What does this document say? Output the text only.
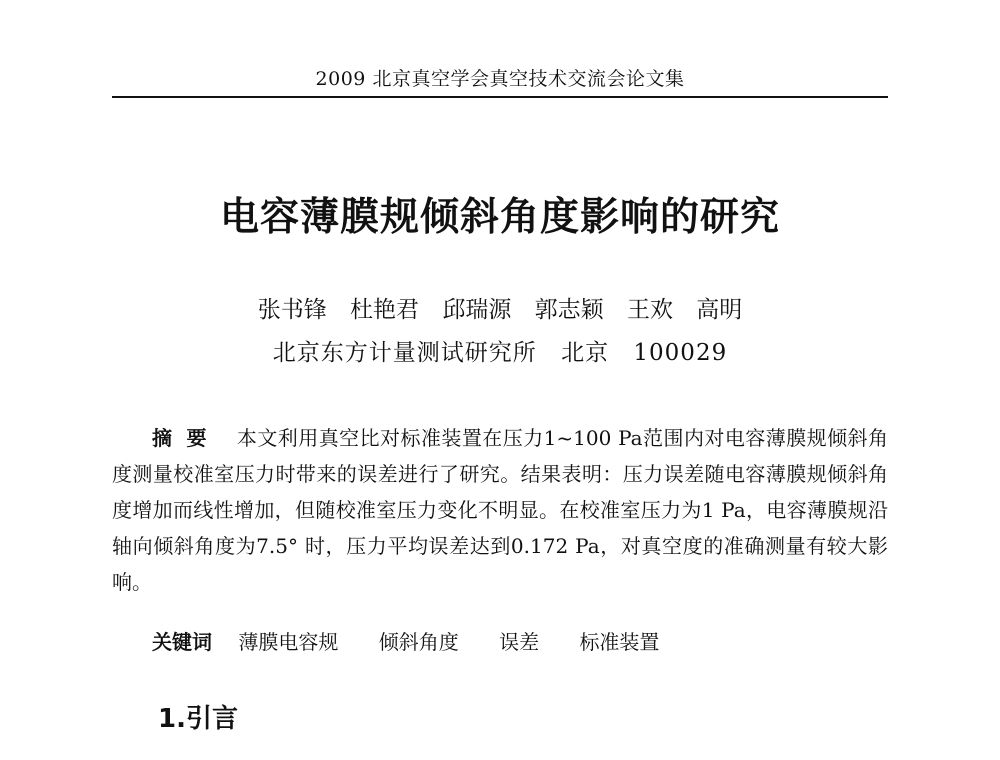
2009 北京真空学会真空技术交流会论文集
电容薄膜规倾斜角度影响的研究
张书锋 杜艳君 邱瑞源 郭志颖 王欢 高明
北京东方计量测试研究所 北京 100029
摘要 本文利用真空比对标准装置在压力1~100 Pa范围内对电容薄膜规倾斜角度测量校准室压力时带来的误差进行了研究。结果表明：压力误差随电容薄膜规倾斜角度增加而线性增加，但随校准室压力变化不明显。在校准室压力为1 Pa，电容薄膜规沿轴向倾斜角度为7.5° 时，压力平均误差达到0.172 Pa，对真空度的准确测量有较大影响。
关键词 薄膜电容规 倾斜角度 误差 标准装置
1.引言
